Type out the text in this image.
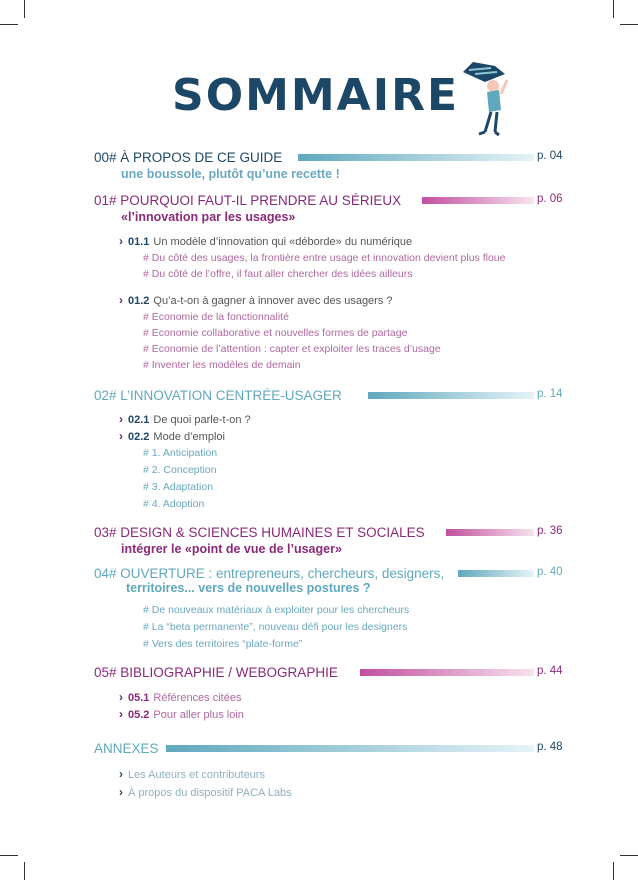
SOMMAIRE
00# À PROPOS DE CE GUIDE	p. 04
une boussole, plutôt qu’une recette !
01# POURQUOI FAUT-IL PRENDRE AU SÉRIEUX	p. 06
«l’innovation par les usages»
› 01.1 Un modèle d’innovation qui «déborde» du numérique
# Du côté des usages, la frontière entre usage et innovation devient plus floue
# Du côté de l’offre, il faut aller chercher des idées ailleurs
› 01.2 Qu’a-t-on à gagner à innover avec des usagers ?
# Economie de la fonctionnalité
# Economie collaborative et nouvelles formes de partage
# Economie de l’attention : capter et exploiter les traces d’usage
# Inventer les modèles de demain
02# L’INNOVATION CENTRÉE-USAGER	p. 14
› 02.1 De quoi parle-t-on ?
› 02.2 Mode d’emploi
# 1. Anticipation
# 2. Conception
# 3. Adaptation
# 4. Adoption
03# DESIGN & SCIENCES HUMAINES ET SOCIALES	p. 36
intégrer le «point de vue de l’usager»
04# OUVERTURE : entrepreneurs, chercheurs, designers,	p. 40
territoires... vers de nouvelles postures ?
# De nouveaux matériaux à exploiter pour les chercheurs
# La “beta permanente”, nouveau défi pour les designers
# Vers des territoires “plate-forme”
05# BIBLIOGRAPHIE / WEBOGRAPHIE	p. 44
› 05.1 Références citées
› 05.2 Pour aller plus loin
ANNEXES	p. 48
› Les Auteurs et contributeurs
› À propos du dispositif PACA Labs
